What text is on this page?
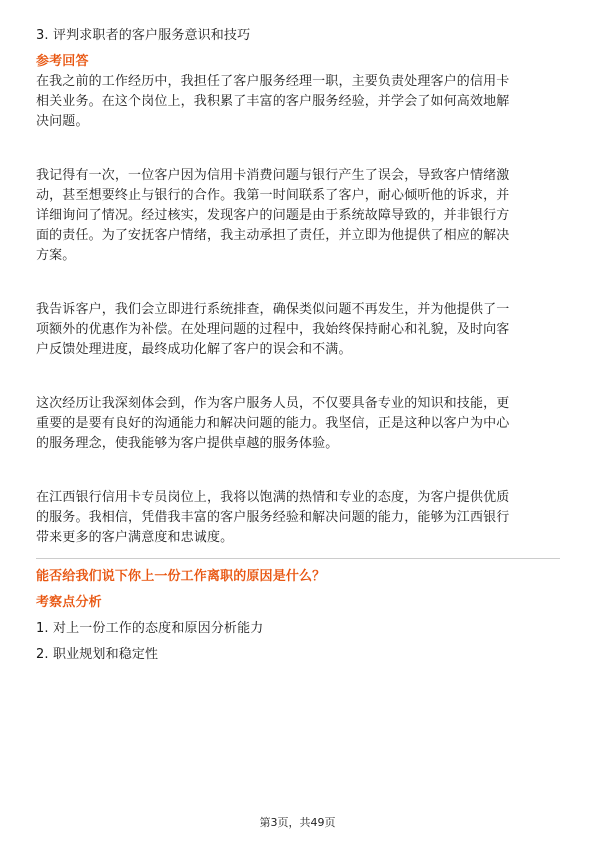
3. 评判求职者的客户服务意识和技巧
参考回答
在我之前的工作经历中，我担任了客户服务经理一职，主要负责处理客户的信用卡
相关业务。在这个岗位上，我积累了丰富的客户服务经验，并学会了如何高效地解
决问题。
我记得有一次，一位客户因为信用卡消费问题与银行产生了误会，导致客户情绪激
动，甚至想要终止与银行的合作。我第一时间联系了客户，耐心倾听他的诉求，并
详细询问了情况。经过核实，发现客户的问题是由于系统故障导致的，并非银行方
面的责任。为了安抚客户情绪，我主动承担了责任，并立即为他提供了相应的解决
方案。
我告诉客户，我们会立即进行系统排查，确保类似问题不再发生，并为他提供了一
项额外的优惠作为补偿。在处理问题的过程中，我始终保持耐心和礼貌，及时向客
户反馈处理进度，最终成功化解了客户的误会和不满。
这次经历让我深刻体会到，作为客户服务人员，不仅要具备专业的知识和技能，更
重要的是要有良好的沟通能力和解决问题的能力。我坚信，正是这种以客户为中心
的服务理念，使我能够为客户提供卓越的服务体验。
在江西银行信用卡专员岗位上，我将以饱满的热情和专业的态度，为客户提供优质
的服务。我相信，凭借我丰富的客户服务经验和解决问题的能力，能够为江西银行
带来更多的客户满意度和忠诚度。
能否给我们说下你上一份工作离职的原因是什么？
考察点分析
1. 对上一份工作的态度和原因分析能力
2. 职业规划和稳定性
第3页，共49页
